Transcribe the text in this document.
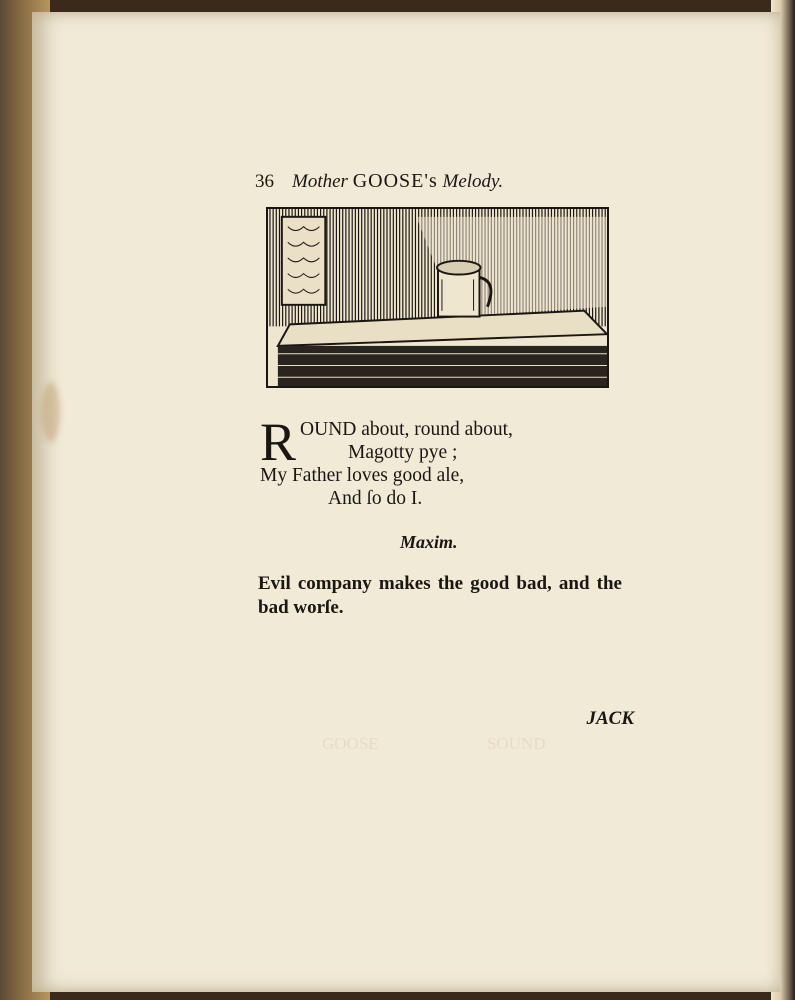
GOOSE	SOUND
36 Mother GOOSE's Melody.
R OUND about, round about,
Magotty pye ;
My Father loves good ale,
And ſo do I.
Maxim.
Evil company makes the good bad, and the bad worſe.
JACK
